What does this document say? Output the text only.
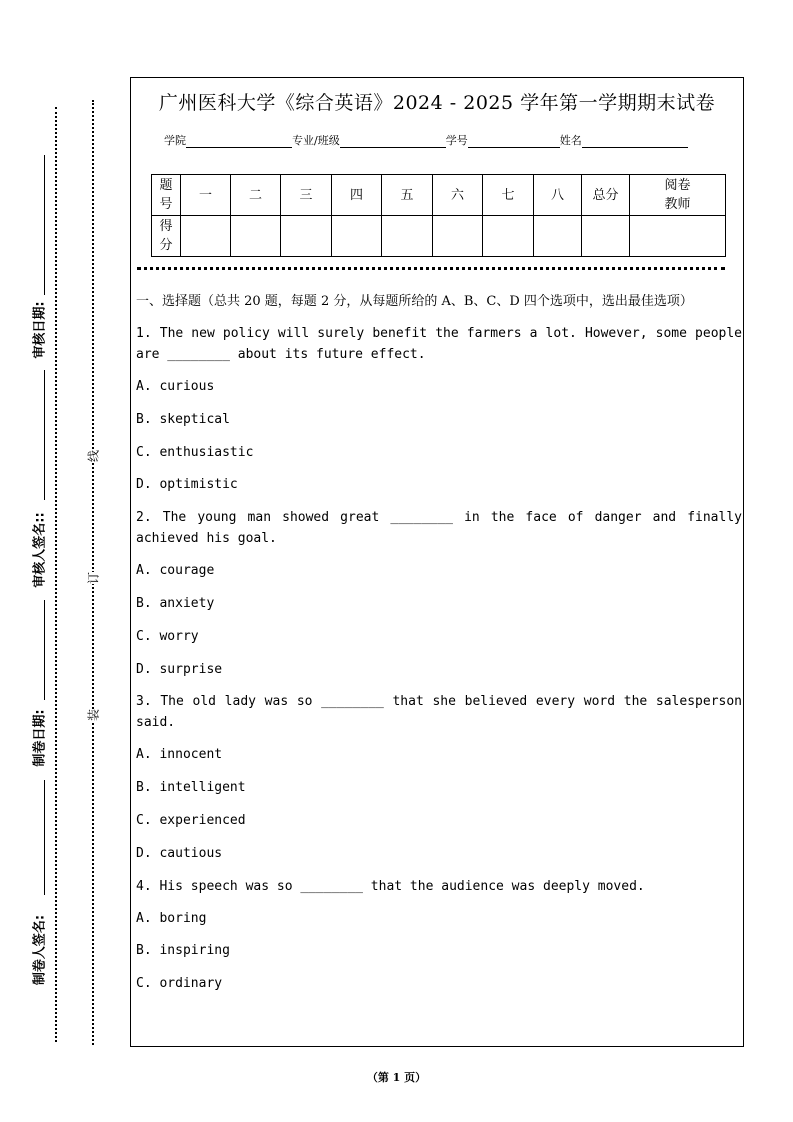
审核日期:
审核人签名::
制卷日期:
制卷人签名:
线
订
装
广州医科大学《综合英语》2024 - 2025 学年第一学期期末试卷
学院	专业/班级	学号	姓名
题号	一	二	三	四	五	六	七	八	总分	阅卷教师
得分										
一、选择题（总共 20 题，每题 2 分，从每题所给的 A、B、C、D 四个选项中，选出最佳选项）
1. The new policy will surely benefit the farmers a lot. However, some people are ________ about its future effect.
A. curious
B. skeptical
C. enthusiastic
D. optimistic
2. The young man showed great ________ in the face of danger and finally achieved his goal.
A. courage
B. anxiety
C. worry
D. surprise
3. The old lady was so ________ that she believed every word the salesperson said.
A. innocent
B. intelligent
C. experienced
D. cautious
4. His speech was so ________ that the audience was deeply moved.
A. boring
B. inspiring
C. ordinary
（第 1 页）
